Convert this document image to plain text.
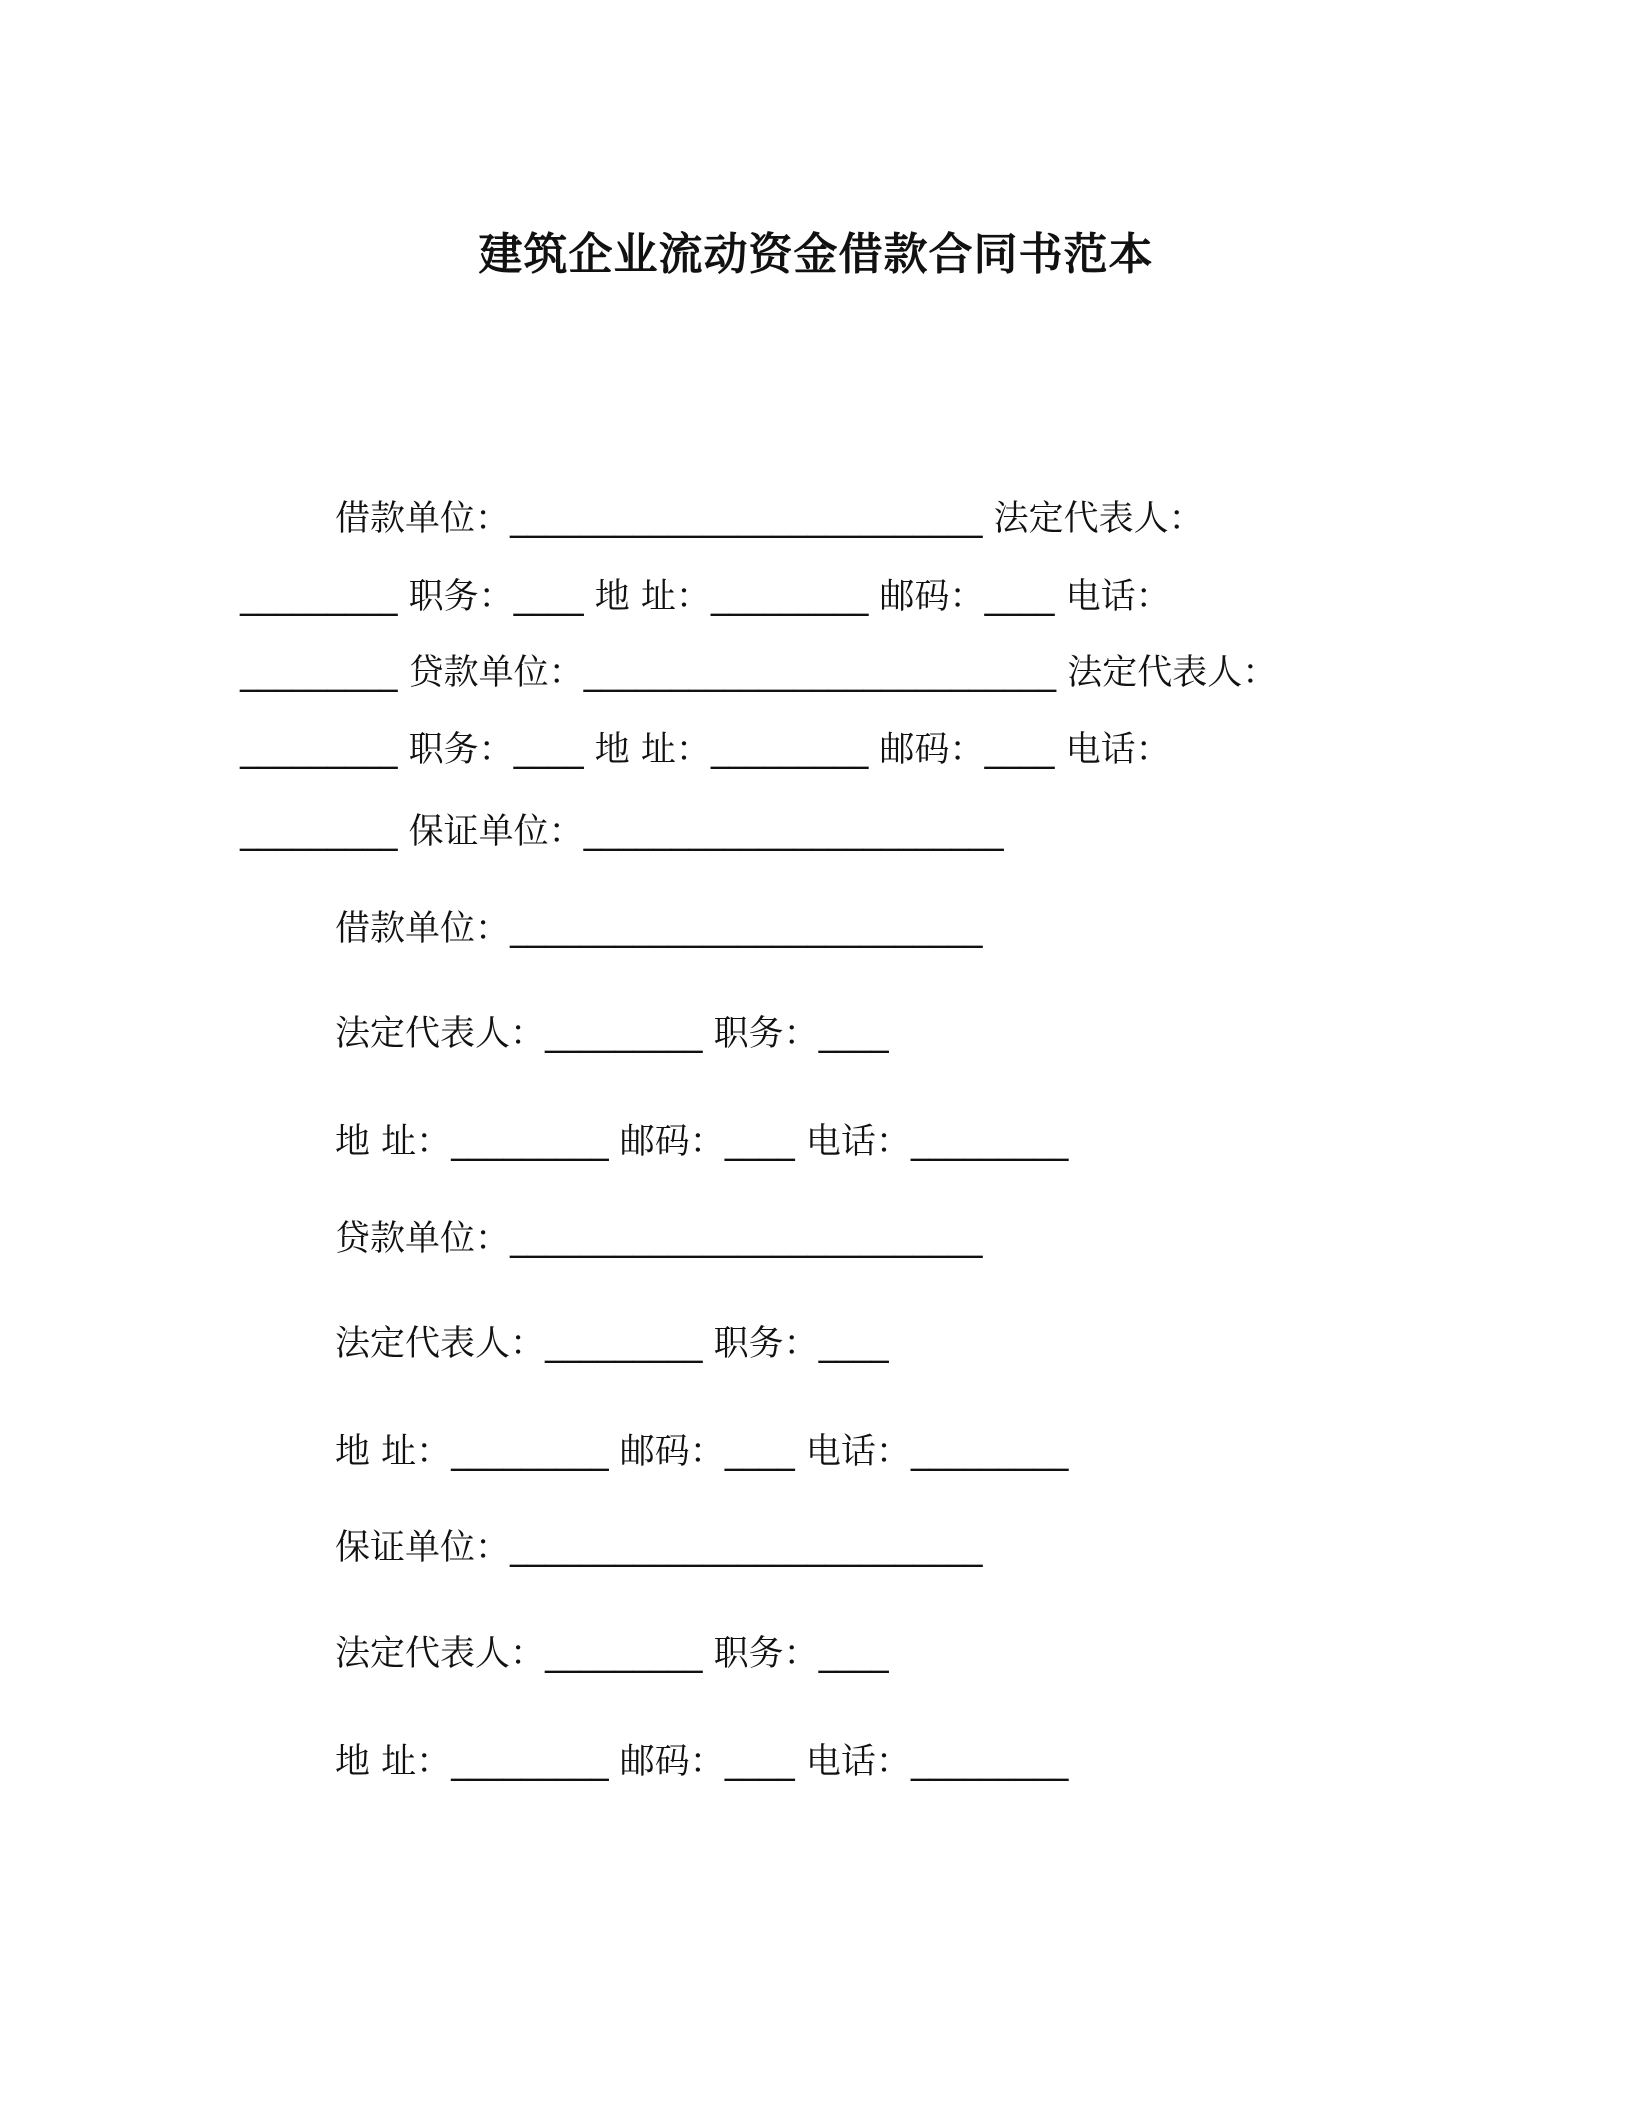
建筑企业流动资金借款合同书范本
借款单位：___________________________ 法定代表人：
_________ 职务：____ 地 址：_________ 邮码：____ 电话：
_________ 贷款单位：___________________________ 法定代表人：
_________ 职务：____ 地 址：_________ 邮码：____ 电话：
_________ 保证单位：________________________
借款单位：___________________________
法定代表人：_________ 职务：____
地 址：_________ 邮码：____ 电话：_________
贷款单位：___________________________
法定代表人：_________ 职务：____
地 址：_________ 邮码：____ 电话：_________
保证单位：___________________________
法定代表人：_________ 职务：____
地 址：_________ 邮码：____ 电话：_________
